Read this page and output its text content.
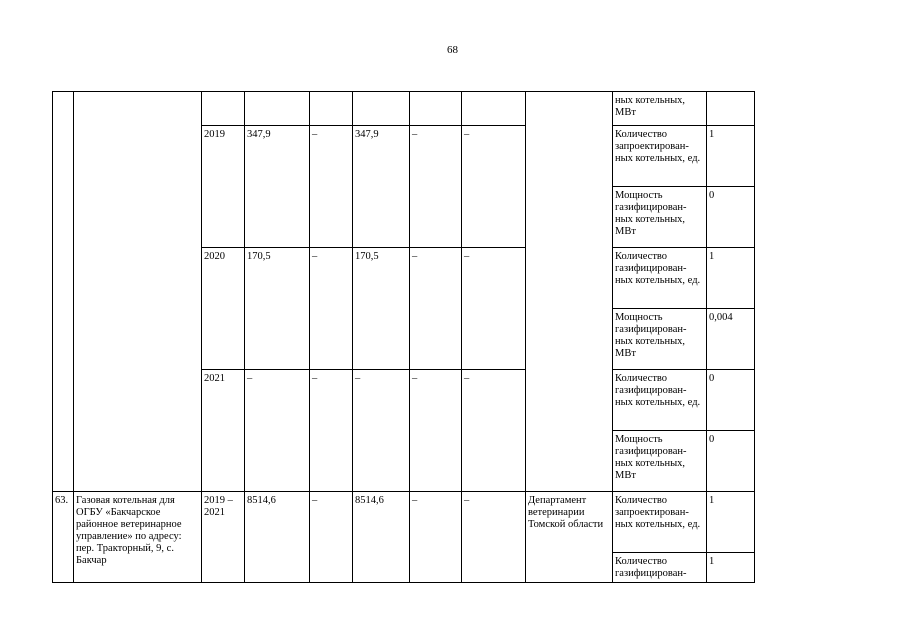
68
									ных котельных, МВт	
		2019	347,9	–	347,9	–	–		Количество запроектирован-ных котельных, ед.	1
									Мощность газифицирован-ных котельных, МВт	0
		2020	170,5	–	170,5	–	–		Количество газифицирован-ных котельных, ед.	1
									Мощность газифицирован-ных котельных, МВт	0,004
		2021	–	–	–	–	–		Количество газифицирован-ных котельных, ед.	0
									Мощность газифицирован-ных котельных, МВт	0
63.	Газовая котельная для ОГБУ «Бакчарское районное ветеринарное управление» по адресу: пер. Тракторный, 9, с. Бакчар	2019 – 2021	8514,6	–	8514,6	–	–	Департамент ветеринарии Томской области	Количество запроектирован-ных котельных, ед.	1
									Количество газифицирован-	1
